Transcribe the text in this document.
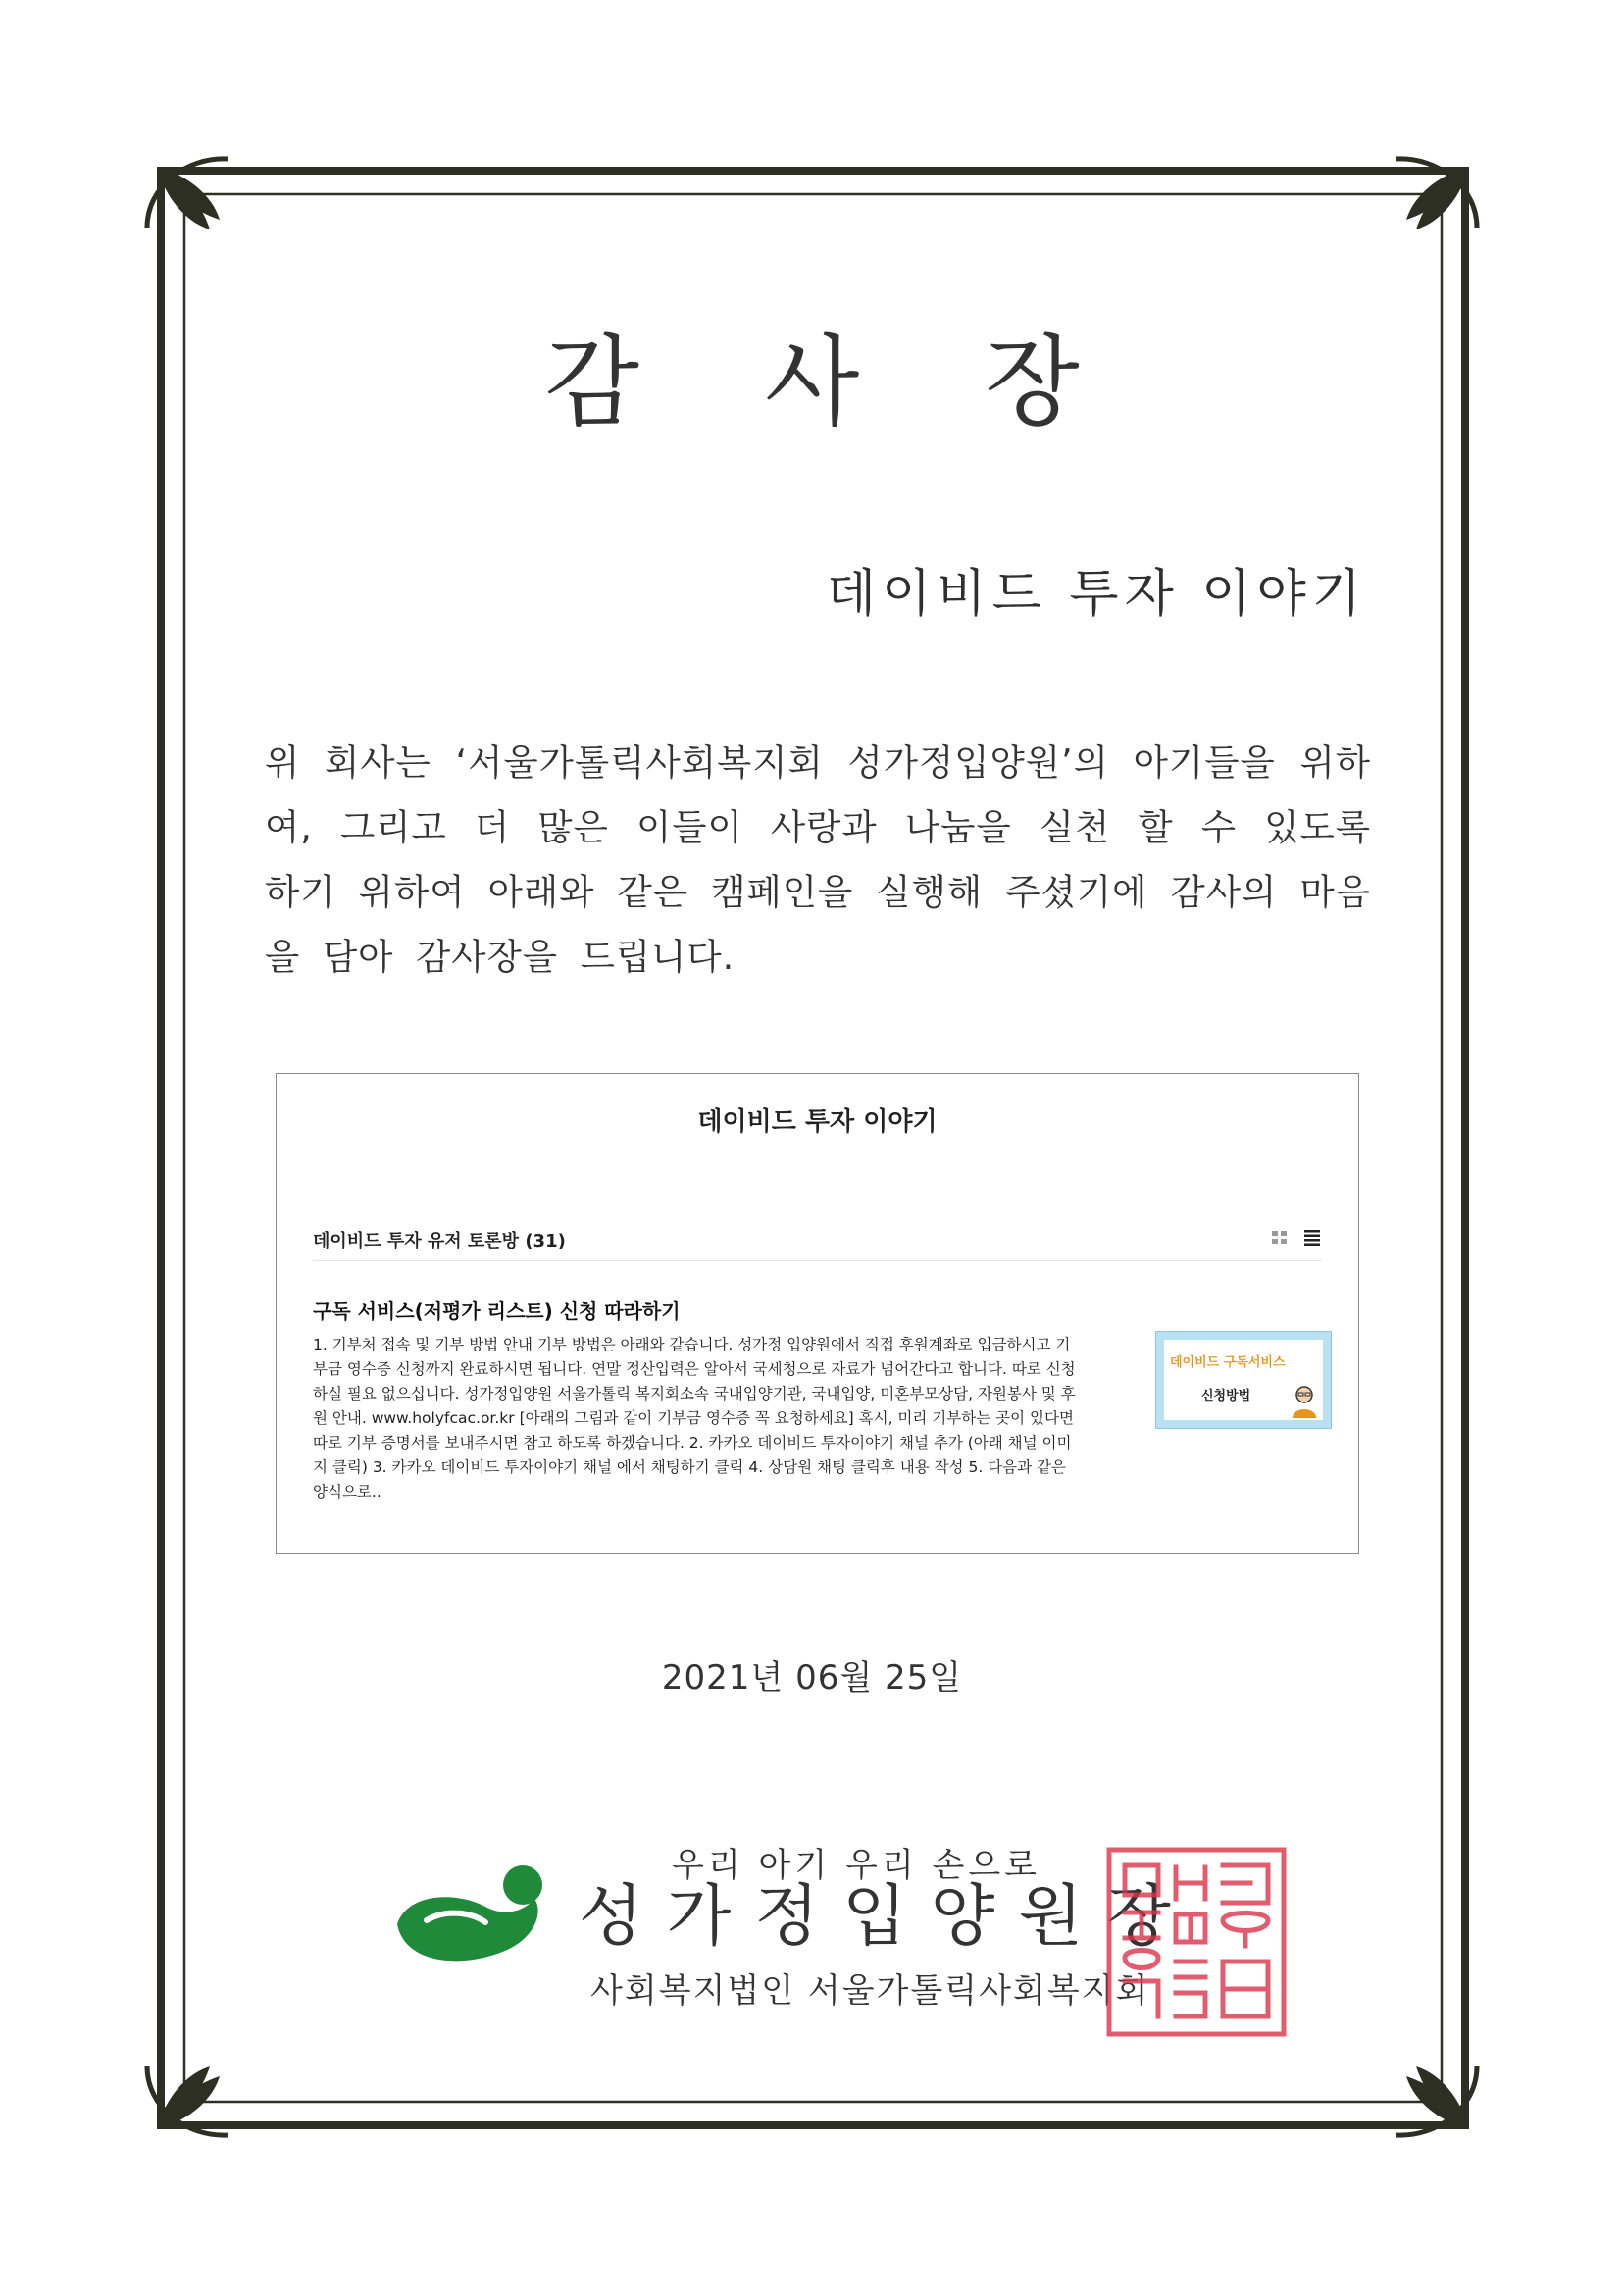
감 사 장
데이비드 투자 이야기
위 회사는 ‘서울가톨릭사회복지회 성가정입양원’의 아기들을 위하여, 그리고 더 많은 이들이 사랑과 나눔을 실천 할 수 있도록 하기 위하여 아래와 같은 캠페인을 실행해 주셨기에 감사의 마음을 담아 감사장을 드립니다.
데이비드 투자 이야기
데이비드 투자 유저 토론방 (31)

구독 서비스(저평가 리스트) 신청 따라하기
1. 기부처 접속 및 기부 방법 안내 기부 방법은 아래와 같습니다. 성가정 입양원에서 직접 후원계좌로 입금하시고 기부금 영수증 신청까지 완료하시면 됩니다. 연말 정산입력은 알아서 국세청으로 자료가 넘어간다고 합니다. 따로 신청 하실 필요 없으십니다. 성가정입양원 서울가톨릭 복지회소속 국내입양기관, 국내입양, 미혼부모상담, 자원봉사 및 후원 안내. www.holyfcac.or.kr [아래의 그림과 같이 기부금 영수증 꼭 요청하세요] 혹시, 미리 기부하는 곳이 있다면 따로 기부 증명서를 보내주시면 참고 하도록 하겠습니다. 2. 카카오 데이비드 투자이야기 채널 추가 (아래 채널 이미지 클릭) 3. 카카오 데이비드 투자이야기 채널 에서 채팅하기 클릭 4. 상담원 채팅 클릭후 내용 작성 5. 다음과 같은 양식으로..
데이비드 구독서비스
신청방법
2021년 06월 25일
우리 아기 우리 손으로
성가정입양원장
사회복지법인 서울가톨릭사회복지회
